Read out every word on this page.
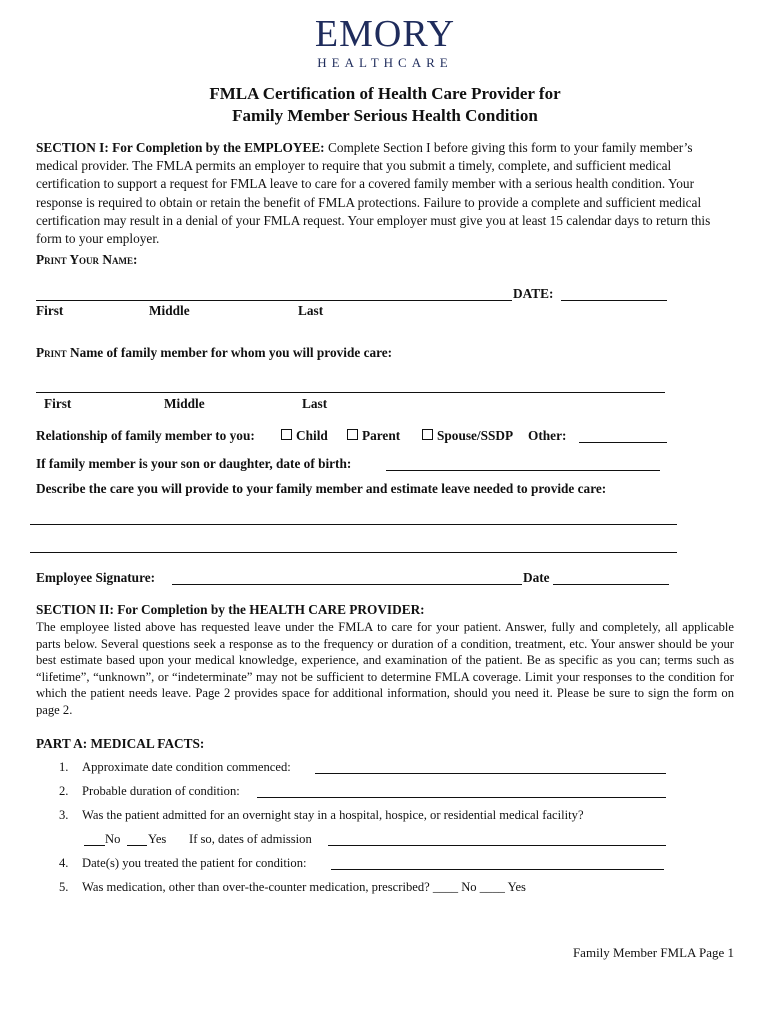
EMORY
HEALTHCARE
FMLA Certification of Health Care Provider for
Family Member Serious Health Condition
SECTION I: For Completion by the EMPLOYEE: Complete Section I before giving this form to your family member’s medical provider. The FMLA permits an employer to require that you submit a timely, complete, and sufficient medical certification to support a request for FMLA leave to care for a covered family member with a serious health condition. Your response is required to obtain or retain the benefit of FMLA protections. Failure to provide a complete and sufficient medical certification may result in a denial of your FMLA request. Your employer must give you at least 15 calendar days to return this form to your employer.
Print Your Name:
DATE:
First	Middle	Last
Print Name of family member for whom you will provide care:
First	Middle	Last
Relationship of family member to you:	Child	Parent	Spouse/SSDP Other:
If family member is your son or daughter, date of birth:
Describe the care you will provide to your family member and estimate leave needed to provide care:
Employee Signature:	Date
SECTION II: For Completion by the HEALTH CARE PROVIDER:
The employee listed above has requested leave under the FMLA to care for your patient. Answer, fully and completely, all applicable parts below. Several questions seek a response as to the frequency or duration of a condition, treatment, etc. Your answer should be your best estimate based upon your medical knowledge, experience, and examination of the patient. Be as specific as you can; terms such as “lifetime”, “unknown”, or “indeterminate” may not be sufficient to determine FMLA coverage. Limit your responses to the condition for which the patient needs leave. Page 2 provides space for additional information, should you need it. Please be sure to sign the form on page 2.
PART A: MEDICAL FACTS:
1. Approximate date condition commenced:
2. Probable duration of condition:
3. Was the patient admitted for an overnight stay in a hospital, hospice, or residential medical facility?
No Yes If so, dates of admission
4. Date(s) you treated the patient for condition:
5. Was medication, other than over-the-counter medication, prescribed? ____ No ____ Yes
Family Member FMLA Page 1
